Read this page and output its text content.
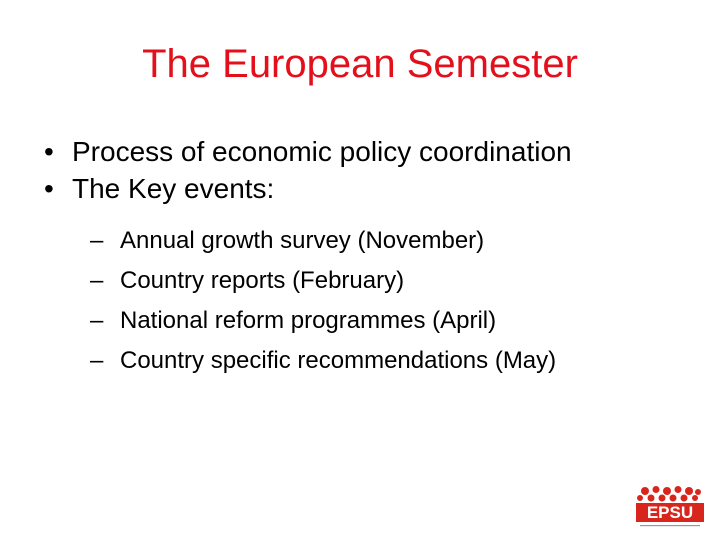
The European Semester
• Process of economic policy coordination
• The Key events:
– Annual growth survey (November)
– Country reports (February)
– National reform programmes (April)
– Country specific recommendations (May)
EPSU
